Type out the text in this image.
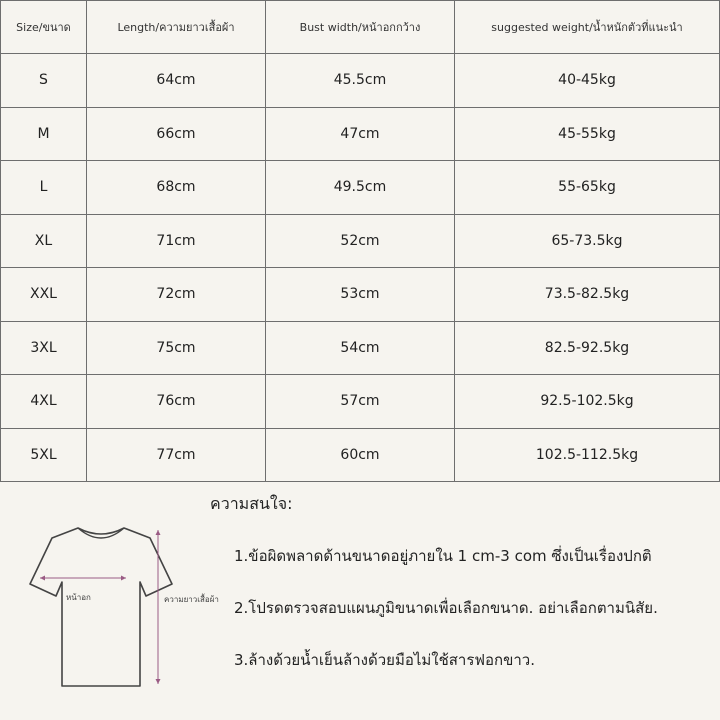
Size/ขนาด	Length/ความยาวเสื้อผ้า	Bust width/หน้าอกกว้าง	suggested weight/น้ำหนักตัวที่แนะนำ
S	64cm	45.5cm	40-45kg
M	66cm	47cm	45-55kg
L	68cm	49.5cm	55-65kg
XL	71cm	52cm	65-73.5kg
XXL	72cm	53cm	73.5-82.5kg
3XL	75cm	54cm	82.5-92.5kg
4XL	76cm	57cm	92.5-102.5kg
5XL	77cm	60cm	102.5-112.5kg
หน้าอก	ความยาวเสื้อผ้า
ความสนใจ:
1.ข้อผิดพลาดด้านขนาดอยู่ภายใน 1 cm-3 com ซึ่งเป็นเรื่องปกติ
2.โปรดตรวจสอบแผนภูมิขนาดเพื่อเลือกขนาด. อย่าเลือกตามนิสัย.
3.ล้างด้วยน้ำเย็นล้างด้วยมือไม่ใช้สารฟอกขาว.
